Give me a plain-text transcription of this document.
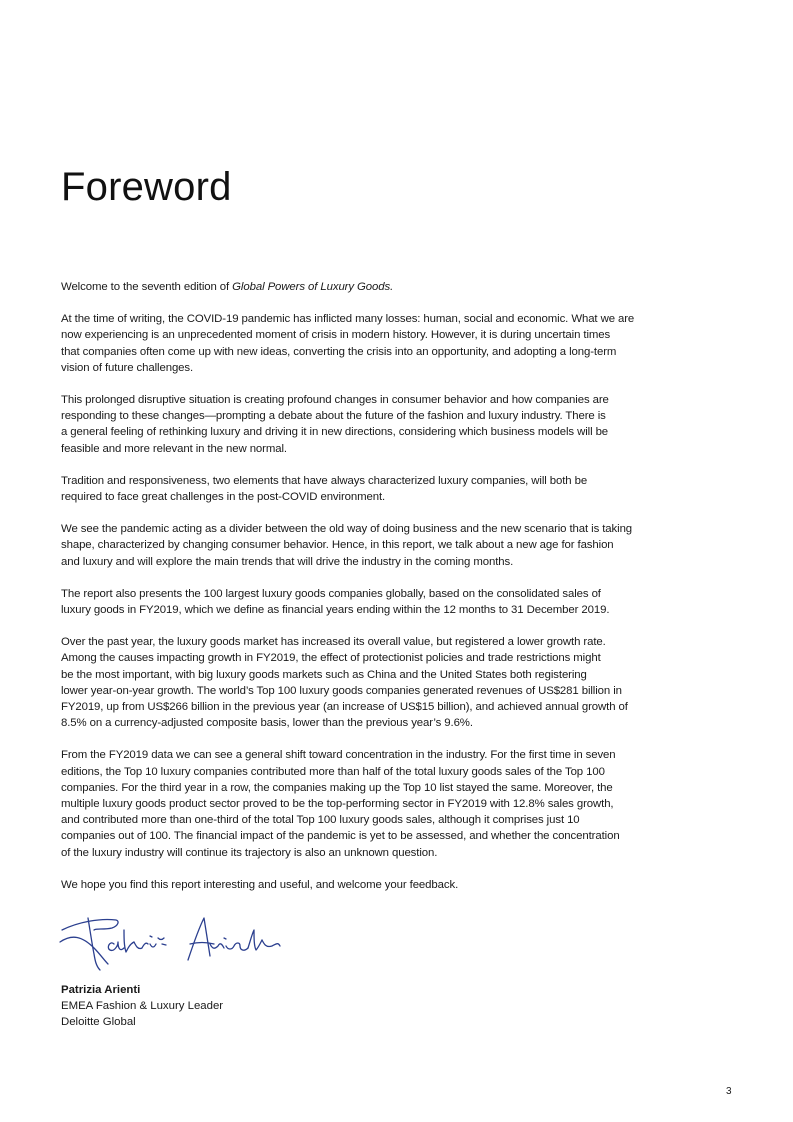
Foreword

Welcome to the seventh edition of Global Powers of Luxury Goods.

At the time of writing, the COVID-19 pandemic has inflicted many losses: human, social and economic. What we are
now experiencing is an unprecedented moment of crisis in modern history. However, it is during uncertain times
that companies often come up with new ideas, converting the crisis into an opportunity, and adopting a long-term
vision of future challenges.

This prolonged disruptive situation is creating profound changes in consumer behavior and how companies are
responding to these changes—prompting a debate about the future of the fashion and luxury industry. There is
a general feeling of rethinking luxury and driving it in new directions, considering which business models will be
feasible and more relevant in the new normal.

Tradition and responsiveness, two elements that have always characterized luxury companies, will both be
required to face great challenges in the post-COVID environment.

We see the pandemic acting as a divider between the old way of doing business and the new scenario that is taking
shape, characterized by changing consumer behavior. Hence, in this report, we talk about a new age for fashion
and luxury and will explore the main trends that will drive the industry in the coming months.

The report also presents the 100 largest luxury goods companies globally, based on the consolidated sales of
luxury goods in FY2019, which we define as financial years ending within the 12 months to 31 December 2019.

Over the past year, the luxury goods market has increased its overall value, but registered a lower growth rate.
Among the causes impacting growth in FY2019, the effect of protectionist policies and trade restrictions might
be the most important, with big luxury goods markets such as China and the United States both registering
lower year-on-year growth. The world’s Top 100 luxury goods companies generated revenues of US$281 billion in
FY2019, up from US$266 billion in the previous year (an increase of US$15 billion), and achieved annual growth of
8.5% on a currency-adjusted composite basis, lower than the previous year’s 9.6%.

From the FY2019 data we can see a general shift toward concentration in the industry. For the first time in seven
editions, the Top 10 luxury companies contributed more than half of the total luxury goods sales of the Top 100
companies. For the third year in a row, the companies making up the Top 10 list stayed the same. Moreover, the
multiple luxury goods product sector proved to be the top-performing sector in FY2019 with 12.8% sales growth,
and contributed more than one-third of the total Top 100 luxury goods sales, although it comprises just 10
companies out of 100. The financial impact of the pandemic is yet to be assessed, and whether the concentration
of the luxury industry will continue its trajectory is also an unknown question.

We hope you find this report interesting and useful, and welcome your feedback.

Patrizia Arienti
EMEA Fashion & Luxury Leader
Deloitte Global
3
